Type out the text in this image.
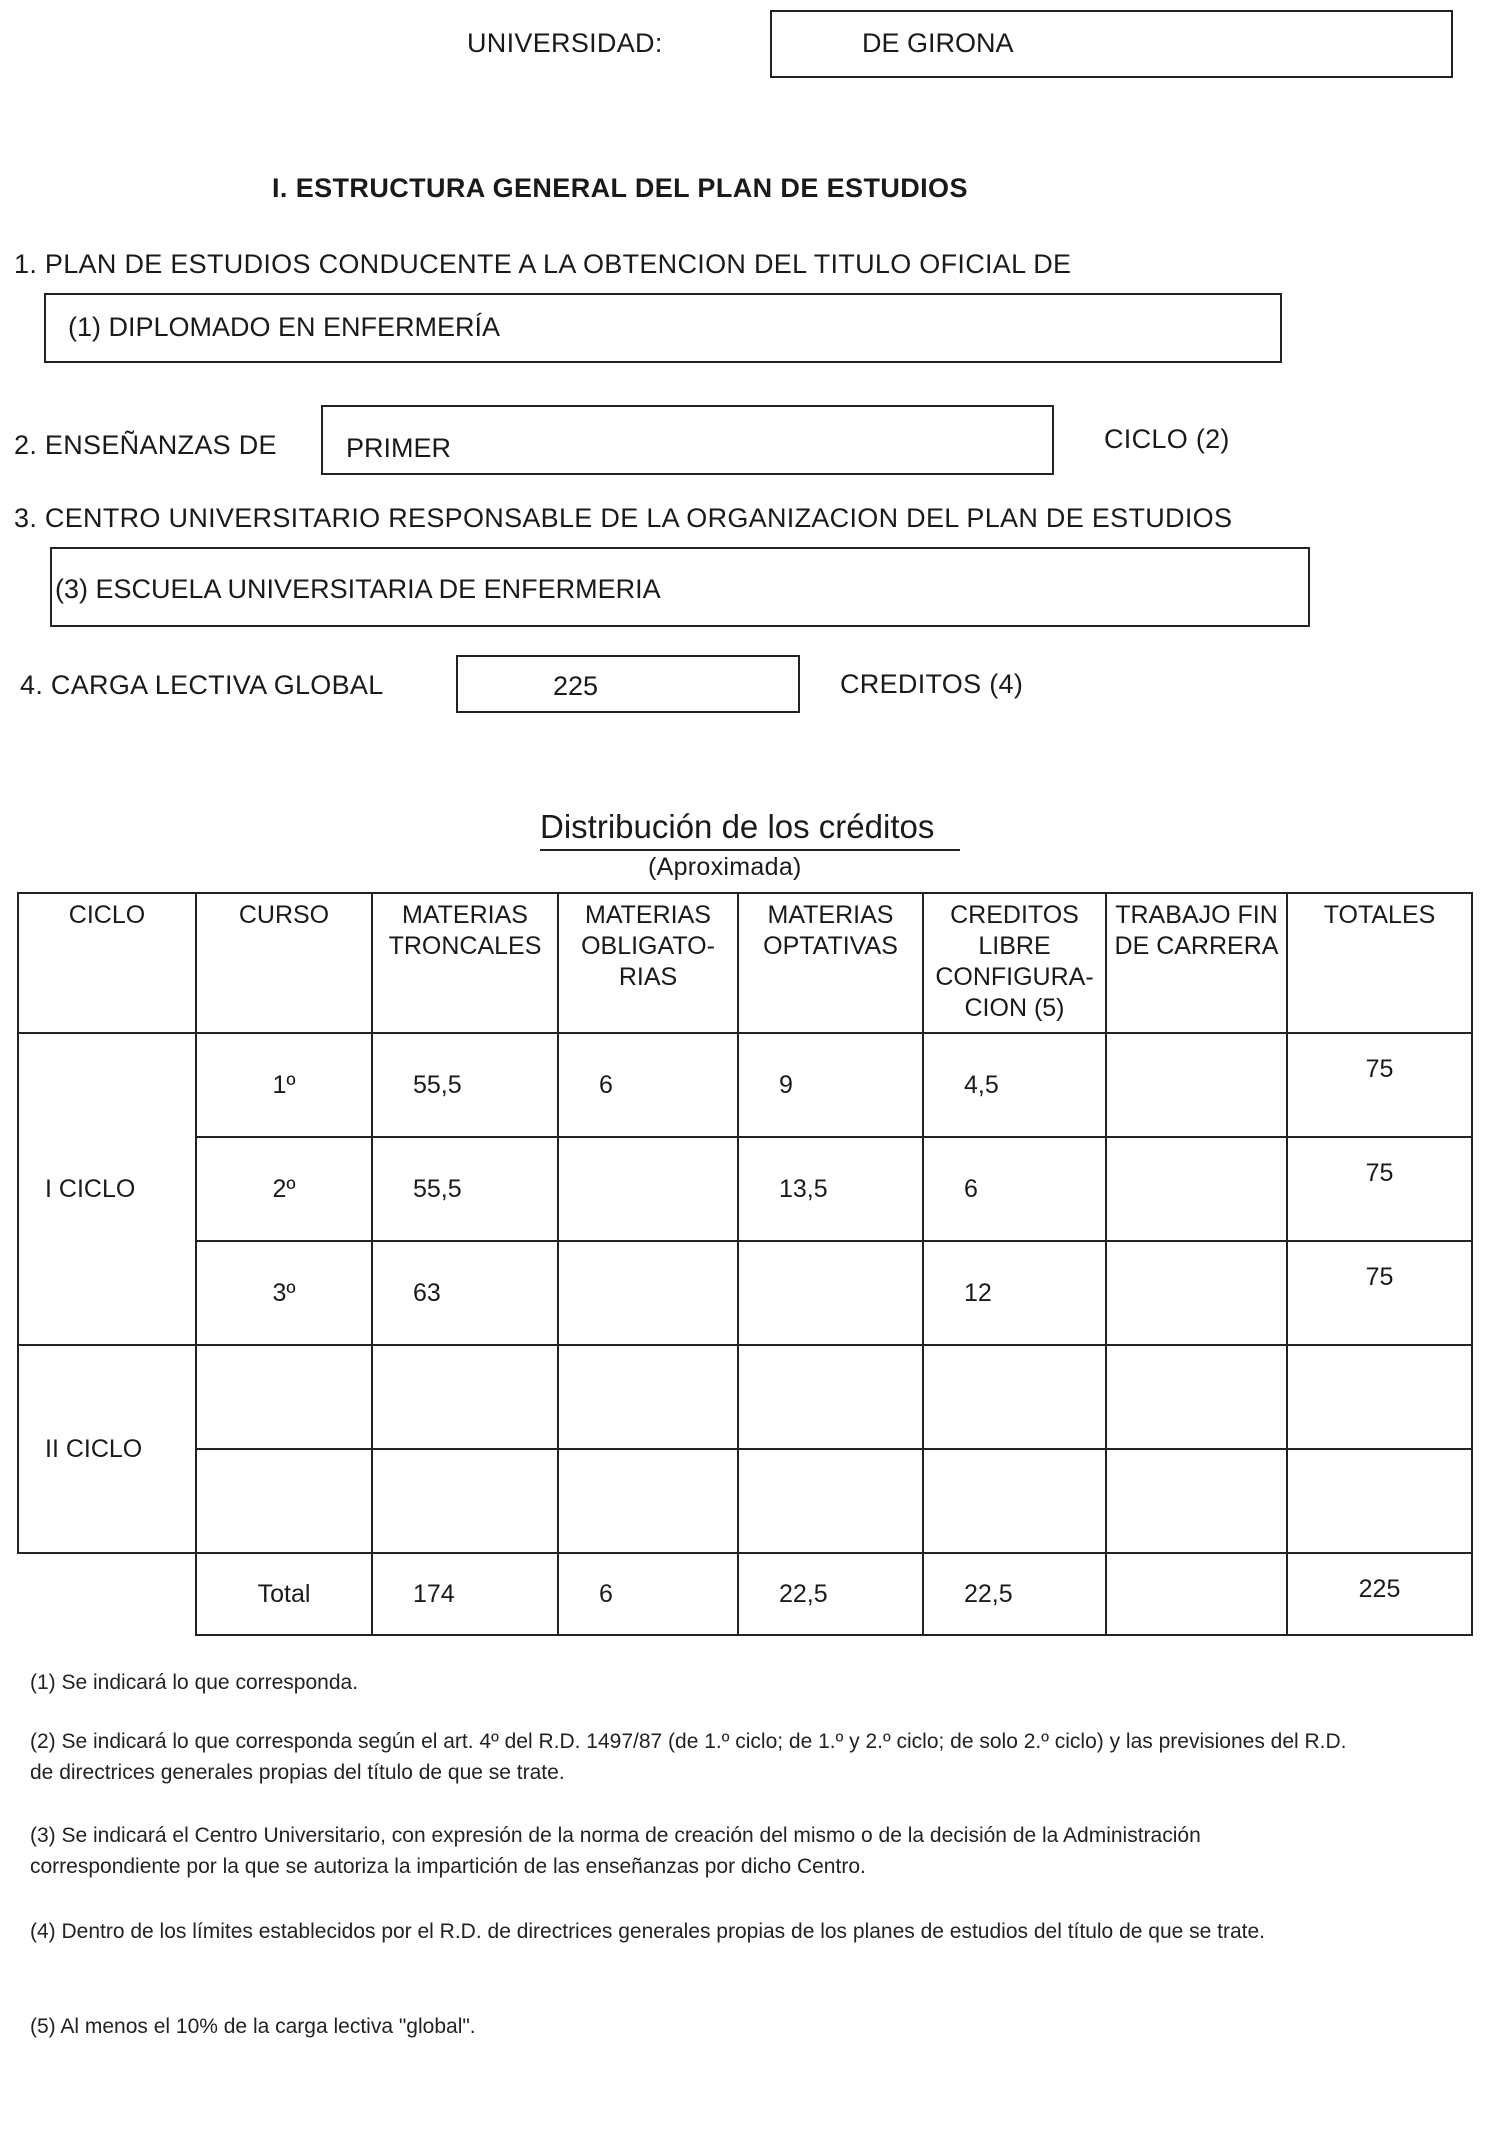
UNIVERSIDAD:	DE GIRONA
I. ESTRUCTURA GENERAL DEL PLAN DE ESTUDIOS
1. PLAN DE ESTUDIOS CONDUCENTE A LA OBTENCION DEL TITULO OFICIAL DE
(1) DIPLOMADO EN ENFERMERÍA
2. ENSEÑANZAS DE	PRIMER	CICLO (2)
3. CENTRO UNIVERSITARIO RESPONSABLE DE LA ORGANIZACION DEL PLAN DE ESTUDIOS
(3) ESCUELA UNIVERSITARIA DE ENFERMERIA
4. CARGA LECTIVA GLOBAL	225	CREDITOS (4)
Distribución de los créditos
(Aproximada)
CICLO	CURSO	MATERIAS TRONCALES	MATERIAS OBLIGATO-RIAS	MATERIAS OPTATIVAS	CREDITOS LIBRE CONFIGURA-CION (5)	TRABAJO FIN DE CARRERA	TOTALES
I CICLO	1º	55,5	6	9	4,5		75
	2º	55,5		13,5	6		75
	3º	63			12		75
II CICLO							

	Total	174	6	22,5	22,5		225
(1) Se indicará lo que corresponda.
(2) Se indicará lo que corresponda según el art. 4º del R.D. 1497/87 (de 1.º ciclo; de 1.º y 2.º ciclo; de solo 2.º ciclo) y las previsiones del R.D. de directrices generales propias del título de que se trate.
(3) Se indicará el Centro Universitario, con expresión de la norma de creación del mismo o de la decisión de la Administración correspondiente por la que se autoriza la impartición de las enseñanzas por dicho Centro.
(4) Dentro de los límites establecidos por el R.D. de directrices generales propias de los planes de estudios del título de que se trate.
(5) Al menos el 10% de la carga lectiva "global".
